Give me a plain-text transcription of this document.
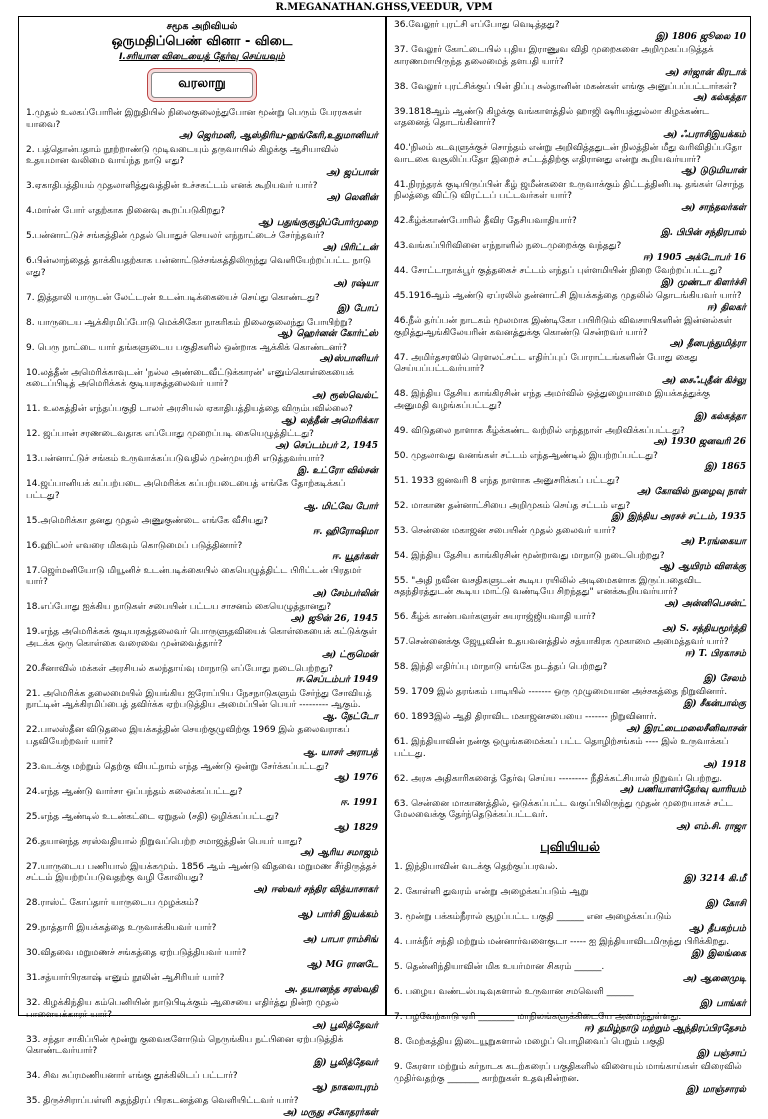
R.MEGANATHAN.GHSS,VEEDUR, VPM
சமூக அறிவியல்
ஒருமதிப்பெண் வினா - விடை
I.சரியான விடையைத் தேர்வு செய்யவும்
வரலாறு
1.முதல் உலகப்போரின் இறுதியில் நிலைகுலைந்துபோன மூன்று பெரும் பேரரசுகள் யாவை?
அ) ஜெர்மனி, ஆஸ்திரிய-ஹங்கேரி,உதுமானியர்
2. பத்தொன்பதாம் நூற்றாண்டு முடிவடையும் தருவாயில் கிழக்கு ஆசியாவில் உதயமான வலிமை வாய்ந்த நாடு எது?
அ) ஜப்பான்
3.ஏகாதிபத்தியம் முதலாளித்துவத்தின் உச்சகட்டம் எனக் கூறியவர் யார்?
அ) லெனின்
4.மார்ன் போர் எதற்காக நினைவு கூறப்படுகிறது?
ஆ) பதுங்குகுழிப்போர்முறை
5.பன்னாட்டுச் சங்கத்தின் முதல் பொதுச் செயலர் எந்நாட்டைச் சேர்ந்தவர்?
அ) பிரிட்டன்
6.பின்லாந்தைத் தாக்கியதற்காக பன்னாட்டுச்சங்கத்திலிருந்து வெளியேற்றப்பட்ட நாடு எது?
அ) ரஷ்யா
7. இத்தாலி யாருடன் லேட்டரன் உடன்படிக்கையைச் செய்து கொண்டது?
இ) போப்
8. யாருடைய ஆக்கிரமிப்போடு மெக்சிகோ நாகரிகம் நிலைகுலைந்து போயிற்று?
ஆ) ஹெர்னன் கோர்ட்ஸ்
9. பெரு நாட்டை யார் தங்களுடைய பகுதிகளில் ஒன்றாக ஆக்கிக் கொண்டனர்?
அ)ஸ்பானியர்
10.லத்தீன் அமெரிக்காவுடன் 'நல்ல அண்டைவீட்டுக்காரன்' எனும்கொள்கையைக் கடைப்பிடித் அமெரிக்கக் குடியரசுத்தலைவர் யார்?
அ) ரூஸ்வெல்ட்
11. உலகத்தின் எந்தப்பகுதி டாலர் அரசியல் ஏகாதிபத்தியத்தை விரும்பவில்லை?
ஆ) லத்தீன் அமெரிக்கா
12. ஜப்பான் சரணடைவதாக எப்போது முறைப்படி கையெழுத்திட்டது?
அ) செப்டம்பர் 2, 1945
13.பன்னாட்டுச் சங்கம் உருவாக்கப்படுவதில் முன்முயற்சி எடுத்தவர்யார்?
இ. உட்ரோ வில்சன்
14.ஜப்பானியக் கப்பற்படை அமெரிக்க கப்பற்படையைத் எங்கே தோற்கடிக்கப் பட்டது?
ஆ. மிட்வே போர்
15.அமெரிக்கா தனது முதல் அணுகுண்டை எங்கே வீசியது?
ஈ. ஹிரோஷிமா
16.ஹிட்லர் எவரை மிகவும் கொடுமைப் படுத்தினார்?
ஈ. யூதர்கள்
17.ஜெர்மனியோடு மியூனிச் உடன்படிக்கையில் கையெழுத்திட்ட பிரிட்டன் பிரதமர் யார்?
அ) சேம்பர்லின்
18.எப்போது ஐக்கிய நாடுகள் சபையின் பட்டய சாசனம் கையெழுத்தானது?
அ) ஜூன் 26, 1945
19.எந்த அமெரிக்கக் குடியரசுத்தலைவர் பொருளுதவியைக் கொள்கையைக் கட்டுக்குள் அடக்க ஒரு கொள்கை வரைவை முன்வைத்தார்?
அ) ட்ரூமென்
20.சீனாவில் மக்கள் அரசியல் கலந்தாய்வு மாநாடு எப்போது நடைபெற்றது?
ஈ.செப்டம்பர் 1949
21. அமெரிக்க தலைமையில் இயங்கிய ஐரோப்பிய நேசநாடுகளும் சேர்ந்து சோவியத் நாட்டின் ஆக்கிரமிப்பைத் தவிர்க்க ஏற்படுத்திய அமைப்பின் பெயர் --------- ஆகும்.
ஆ. நேட்டோ
22.பாலஸ்தீன விடுதலை இயக்கத்தின் செயற்குழுவிற்கு 1969 இல் தலைவராகப் பதவியேற்றவர் யார்?
ஆ. யாசர் அராபத்
23.வடக்கு மற்றும் தெற்கு வியட்நாம் எந்த ஆண்டு ஒன்று சேர்க்கப்பட்டது?
ஆ) 1976
24.எந்த ஆண்டு வார்சா ஒப்பந்தம் கலைக்கப்பட்டது?
ஈ. 1991
25.எந்த ஆண்டில் உடன்கட்டை ஏறுதல் (சதி) ஒழிக்கப்பட்டது?
ஆ) 1829
26.தயானந்த சரஸ்வதியால் நிறுவப்பெற்ற சமாஜத்தின் பெயர் யாது?
அ) ஆரிய சமாஜம்
27.யாருடைய பணியால் இயக்கமும். 1856 ஆம் ஆண்டு விதவை மறுமண சீர்திருத்தச் சட்டம் இயற்றப்படுவதற்கு வழி கோலியது?
அ) ஈஸ்வர் சந்திர வித்யாசாகர்
28.ராஸ்ட் கோப்தார் யாருடைய முழக்கம்?
ஆ) பார்சி இயக்கம்
29.நாத்தாரி இயக்கத்தை உருவாக்கியவர் யார்?
அ) பாபா ராம்சிங்
30.விதவை மறுமணச் சங்கத்தை ஏற்படுத்தியவர் யார்?
ஆ) MG ரானடே
31.சத்யார்பிரகாஷ் எனும் நூலின் ஆசிரியர் யார்?
அ. தயானந்த சரஸ்வதி
32. கிழக்கிந்திய கம்பெனியின் நாடுபிடிக்கும் ஆசையை எதிர்த்து நின்ற முதல் பாளையக்காரர் யார்?
அ) பூலித்தேவர்
33. சந்தா சாகிப்பின் மூன்று குவைகளோடும் நெருங்கிய நட்பினை ஏற்படுத்திக் கொண்டவர்யார்?
இ) பூலித்தேவர்
34. சிவ சுப்ரமணியனார் எங்கு தூக்கிலிடப் பட்டார்?
ஆ) நாகலாபுரம்
35. திருச்சிராப்பள்ளி சுதந்திரப் பிரகடனத்தை வெளியிட்டவர் யார்?
அ) மருது சகோதரர்கள்
36.வேலூர் புரட்சி எப்போது வெடித்தது?
இ) 1806 ஜூலை 10
37. வேலூர் கோட்டையில் புதிய இராணுவ விதி முறைகளை அறிமுகப்படுத்தக் காரணமாயிருந்த தலைமைத் தளபதி யார்?
அ) சர்ஜான் கிரடாக்
38. வேலூர் புரட்சிக்குப் பின் திப்பு சுல்தானின் மகன்கள் எங்கு அனுப்பப்பட்டார்கள்?
அ) கல்கத்தா
39.1818ஆம் ஆண்டு கிழக்கு வங்காளத்தில் ஹாஜி ஷரியத்துல்லா கிழக்கண்ட எதனைத் தொடங்கினார்?
அ) ஃபராசிஇயக்கம்
40.'நிலம் கடவுளுக்குச் சொந்தம் என்று அறிவித்ததுடன் நிலத்தின் மீது வரிவிதிப்பதோ வாடகை வசூலிப்பதோ இறைச் சட்டத்திற்கு எதிரானது என்று கூறியவர்யார்?
ஆ) டுடுமியான்
41.நிரந்தரக் குடியிருப்பின் கீழ் ஜமீன்களை உருவாக்கும் திட்டத்தினிபடி தங்கள் சொந்த நிலத்தை விட்டு விரட்டப் பட்டவர்கள் யார்?
அ) சாந்தலர்கள்
42.கீழ்க்காண்போரில் தீவிர தேசியவாதியார்?
இ. பிபின் சந்திரபால்
43.வங்கப்பிரிவினை எந்நாளில் நடைமுறைக்கு வந்தது?
ஈ) 1905 அக்டோபர் 16
44. சோட்டாநாக்பூர் குத்தகைச் சட்டம் எந்தப் புள்ளமியின் நிறை வேற்றப்பட்டது?
இ) முண்டா கிளர்ச்சி
45.1916ஆம் ஆண்டு ஏப்ரலில் தன்னாட்சி இயக்கத்தை முதலில் தொடங்கியவர் யார்?
ஈ) திலகர்
46.நீல் தர்ப்பன் நாடகம் மூலமாக இண்டிகோ பயிரிடும் விவசாயிகளின் இன்னல்கள் குறித்துஆங்கிலேயரின் கவனத்துக்கு கொண்டு சென்றவர் யார்?
அ) தீனபந்துமித்ரா
47. அமிர்தசரஸில் ரௌலட்சட்ட எதிர்ப்புப் போராட்டங்களின் போது கைது செய்யப்பட்டவர்யார்?
அ) சைஃபுதீன் கிச்லு
48. இந்திய தேசிய காங்கிரசின் எந்த அமர்வில் ஒத்துழையாமை இயக்கத்துக்கு அனுமதி வழங்கப்பட்டது?
இ) கல்கத்தா
49. விடுதலை நாளாக கீழ்க்கண்ட வற்றில் எந்தநாள் அறிவிக்கப்பட்டது?
அ) 1930 ஜனவரி 26
50. முதலாவது வனங்கள் சட்டம் எந்தஆண்டில் இயற்றப்பட்டது?
இ) 1865
51. 1933 ஜனவரி 8 எந்த நாளாக அனுசரிக்கப் பட்டது?
அ) கோவில் நுழைவு நாள்
52. மாகாண தன்னாட்சியை அறிமுகம் செய்த சட்டம் எது?
இ) இந்திய அரசச் சட்டம், 1935
53. சென்னை மகாஜன சபையின் முதல் தலைவர் யார்?
அ) P.ரங்கையா
54. இந்திய தேசிய காங்கிரசின் மூன்றாவது மாநாடு நடைபெற்றது?
ஆ) ஆயிரம் விளக்கு
55. "அதி நவீன வசதிகளுடன் கூடிய ரயிலில் அடிமைகளாக இருப்பதைவிட சுதந்திரத்துடன் கூடிய மாட்டு வண்டியே சிறந்தது" எனக்கூறியவர்யார்?
அ) அன்னிபெசன்ட்
56. கீழ்க் காண்பவர்களுள் சுயராஜ்ஜியவாதி யார்?
அ) S. சத்தியமூர்த்தி
57.சென்னைக்கு ஜேயூவின் உதயவனத்தில் சத்யாகிரக முகாமை அமைத்தவர் யார்?
ஈ) T. பிரகாசம்
58. இந்தி எதிர்ப்பு மாநாடு எங்கே நடத்தப் பெற்றது?
இ) சேலம்
59. 1709 இல் தரங்கம் பாடியில் ------- ஒரு முழுமையான அச்சகத்தை நிறுவினார்.
இ) சீகன்பால்கு
60. 1893இல் ஆதி திராவிட மகாஜனசபையை ------- நிறுவினார்.
அ) இரட்டைமலைசீனிவாசன்
61. இந்தியாவின் நன்கு ஒழுங்கமைக்கப் பட்ட தொழிற்சங்கம் ---- இல் உருவாக்கப் பட்டது.
அ) 1918
62. அரசு அதிகாரிகளைத் தேர்வு செய்ய --------- நீதிக்கட்சியால் நிறுவப் பெற்றது.
அ) பணியாளர்தேர்வு வாரியம்
63. சென்னை மாகாணத்தில், ஒடுக்கப்பட்ட வகுப்பிலிருந்து முதன் முறையாகச் சட்ட மேலவைக்கு தேர்ந்தெடுக்கப்பட்டவர்.
அ) எம்.சி. ராஜா
புவியியல்
1. இந்தியாவின் வடக்கு தெற்குப்பரவல்.
இ) 3214 கி.மீ
2. கோள்ளி துவரம் என்று அழைக்கப்படும் ஆறு
இ) கோசி
3. மூன்று பக்கம்நீரால் சூழப்பட்ட பகுதி ______ என அழைக்கப்படும்
ஆ) தீபகற்பம்
4. பாக்நீர் சந்தி மற்றும் மன்னார்வளைகுடா ----- ஐ இந்தியாவிடமிருந்து பிரிக்கிறது.
இ) இலங்கை
5. தென்னிந்தியாவின் மிக உயர்மான சிகரம் ______.
அ) ஆனைமுடி
6. பழைய வண்டல்படிவுகளால் உருவான சமவெளி ______
இ) பாங்கர்
7. பழவேற்காடு ஏரி ________ மாநிலங்களுக்கிடையே அமைந்துள்ளது.
ஈ) தமிழ்நாடு மற்றும் ஆந்திரப்பிரதேசம்
8. மேற்கத்திய இடையூறுகளால் மழைப் பொழிவைப் பெறும் பகுதி
இ) பஞ்சாப்
9. கேரளா மற்றும் கர்நாடக கடற்கரைப் பகுதிகளில் விளையும் மாங்காய்கள் விரைவில் முதிர்வதற்கு _______ காற்றுகள் உதவுகின்றன.
இ) மாஞ்சாரல்
